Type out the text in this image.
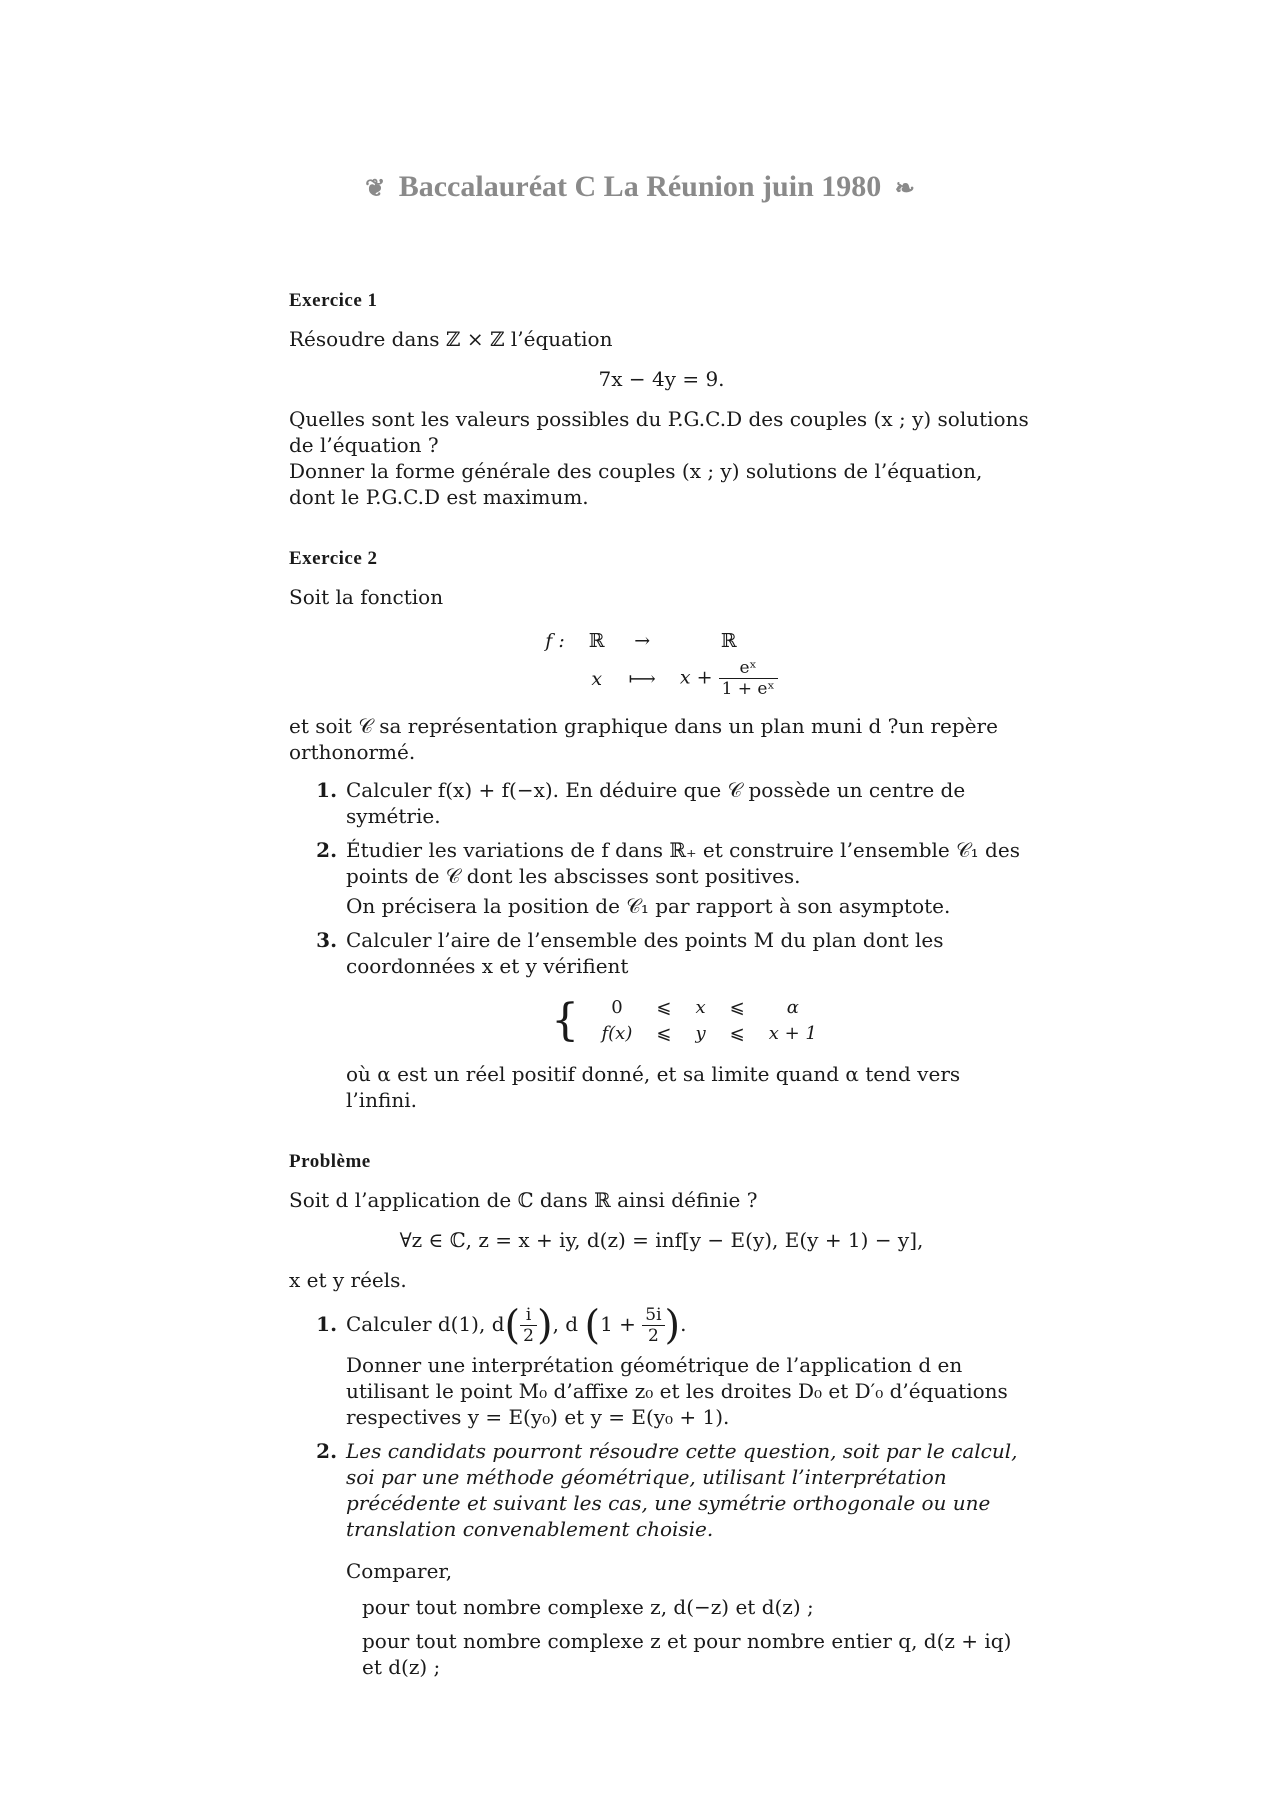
❦ Baccalauréat C La Réunion juin 1980 ❧
Exercice 1

Résoudre dans ℤ × ℤ l’équation

7x − 4y = 9.

Quelles sont les valeurs possibles du P.G.C.D des couples (x ; y) solutions de l’équation ?

Donner la forme générale des couples (x ; y) solutions de l’équation, dont le P.G.C.D est maximum.

Exercice 2

Soit la fonction

f :	ℝ	→	ℝ
	x	⟼	$x + \frac{\text{eˣ}}{\text{1 + eˣ}}$

et soit 𝒞 sa représentation graphique dans un plan muni d ?un repère orthonormé.

1. Calculer f(x) + f(−x). En déduire que 𝒞 possède un centre de symétrie.
2. Étudier les variations de f dans ℝ₊ et construire l’ensemble 𝒞₁ des points de 𝒞 dont les abscisses sont positives.
On précisera la position de 𝒞₁ par rapport à son asymptote.
3. Calculer l’aire de l’ensemble des points M du plan dont les coordonnées x et y vérifient
{ 0	⩽	x	⩽	α
f(x)	⩽	y	⩽	x + 1

où α est un réel positif donné, et sa limite quand α tend vers l’infini.

Problème

Soit d l’application de ℂ dans ℝ ainsi définie ?

∀z ∈ ℂ, z = x + iy, d(z) = inf[y − E(y), E(y + 1) − y],

x et y réels.

1. Calculer d(1), $d( \frac{i}{2}$ ), d ($1 + \frac{5i}{2}$ ).

Donner une interprétation géométrique de l’application d en utilisant le point M₀ d’affixe z₀ et les droites D₀ et D′₀ d’équations respectives y = E(y₀) et y = E(y₀ + 1).

2. Les candidats pourront résoudre cette question, soit par le calcul, soi par une méthode géométrique, utilisant l’interprétation précédente et suivant les cas, une symétrie orthogonale ou une translation convenablement choisie.

Comparer,

pour tout nombre complexe z, d(−z) et d(z) ;

pour tout nombre complexe z et pour nombre entier q, d(z + iq) et d(z) ;
